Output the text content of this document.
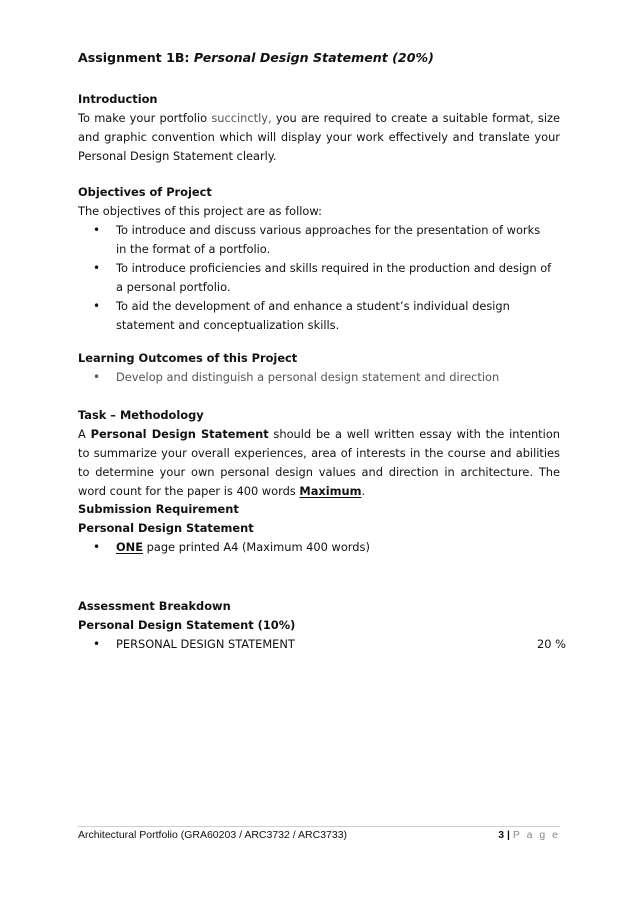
Assignment 1B: Personal Design Statement (20%)
Introduction
To make your portfolio succinctly, you are required to create a suitable format, size and graphic convention which will display your work effectively and translate your Personal Design Statement clearly.
Objectives of Project
The objectives of this project are as follow:
• To introduce and discuss various approaches for the presentation of works in the format of a portfolio.
• To introduce proficiencies and skills required in the production and design of a personal portfolio.
• To aid the development of and enhance a student’s individual design statement and conceptualization skills.
Learning Outcomes of this Project
• Develop and distinguish a personal design statement and direction
Task – Methodology
A Personal Design Statement should be a well written essay with the intention to summarize your overall experiences, area of interests in the course and abilities to determine your own personal design values and direction in architecture. The word count for the paper is 400 words Maximum.
Submission Requirement
Personal Design Statement
• ONE page printed A4 (Maximum 400 words)
Assessment Breakdown
Personal Design Statement (10%)
• PERSONAL DESIGN STATEMENT	20 %
Architectural Portfolio (GRA60203 / ARC3732 / ARC3733)	3 | P a g e
